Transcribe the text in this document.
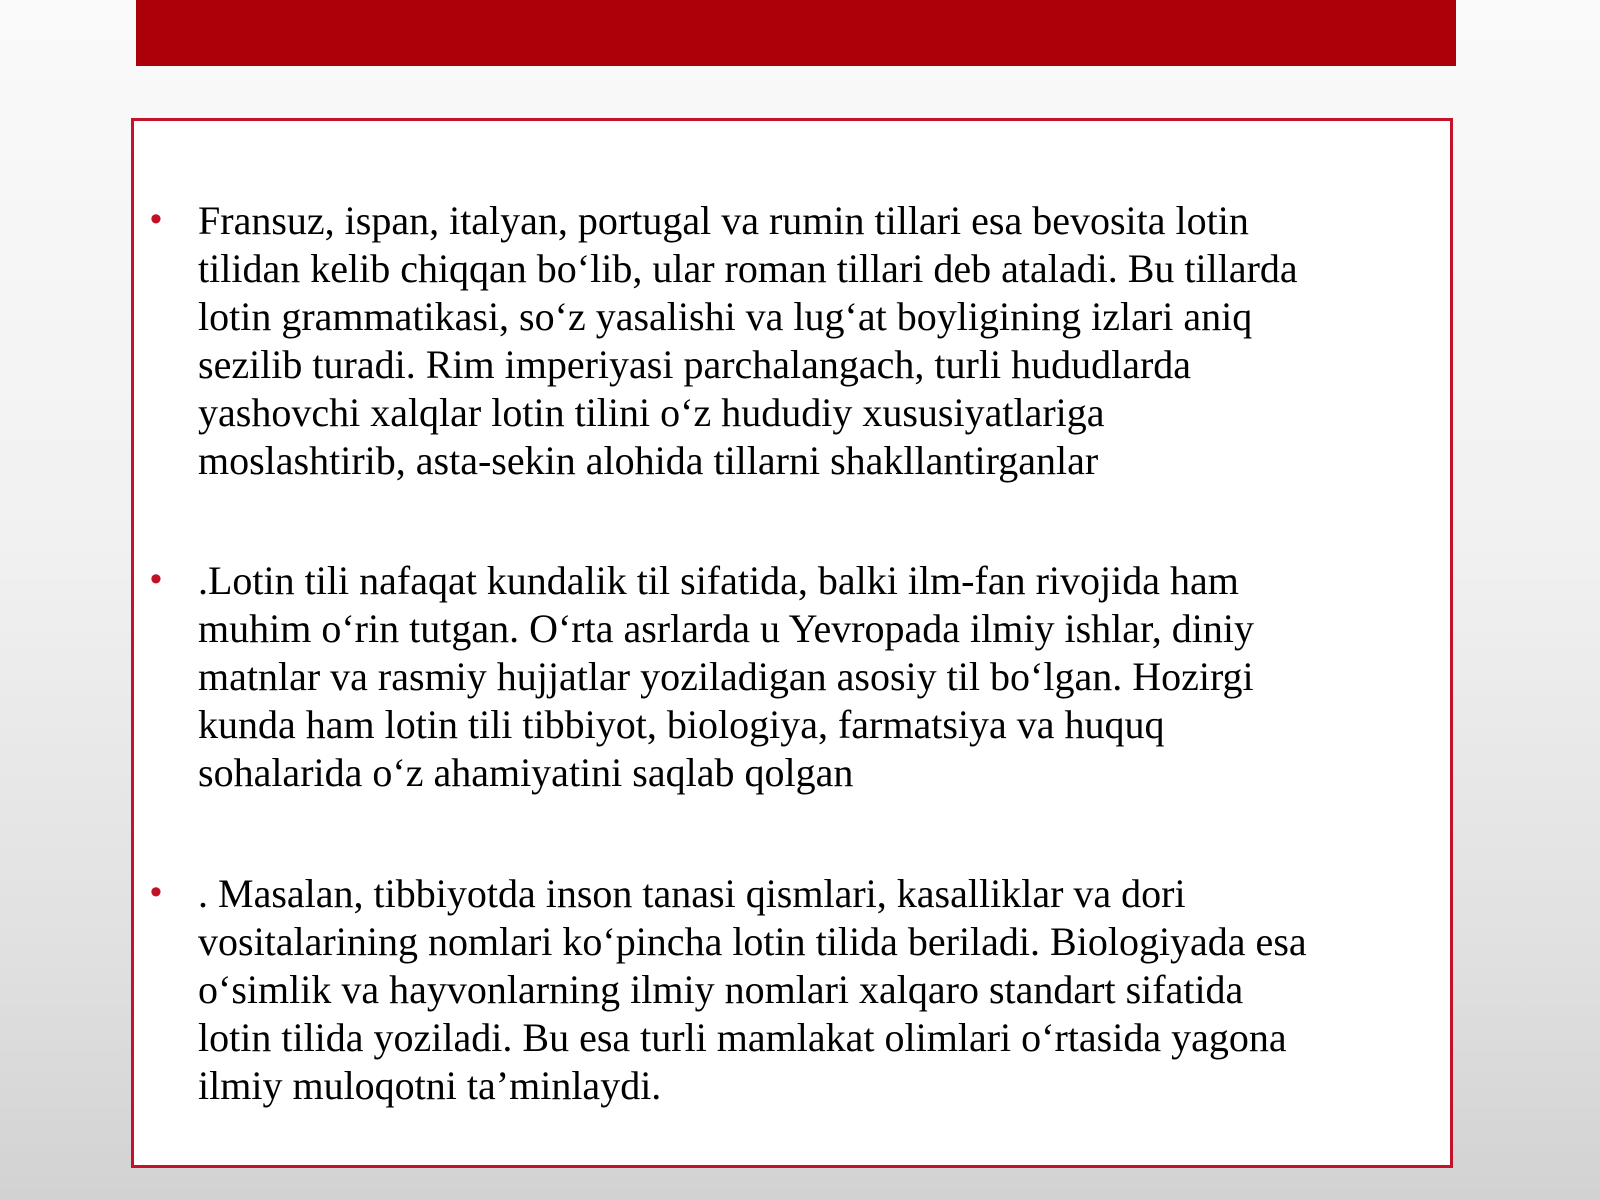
• Fransuz, ispan, italyan, portugal va rumin tillari esa bevosita lotin
tilidan kelib chiqqan bo‘lib, ular roman tillari deb ataladi. Bu tillarda
lotin grammatikasi, so‘z yasalishi va lug‘at boyligining izlari aniq
sezilib turadi. Rim imperiyasi parchalangach, turli hududlarda
yashovchi xalqlar lotin tilini o‘z hududiy xususiyatlariga
moslashtirib, asta-sekin alohida tillarni shakllantirganlar

• .Lotin tili nafaqat kundalik til sifatida, balki ilm-fan rivojida ham
muhim o‘rin tutgan. O‘rta asrlarda u Yevropada ilmiy ishlar, diniy
matnlar va rasmiy hujjatlar yoziladigan asosiy til bo‘lgan. Hozirgi
kunda ham lotin tili tibbiyot, biologiya, farmatsiya va huquq
sohalarida o‘z ahamiyatini saqlab qolgan

• . Masalan, tibbiyotda inson tanasi qismlari, kasalliklar va dori
vositalarining nomlari ko‘pincha lotin tilida beriladi. Biologiyada esa
o‘simlik va hayvonlarning ilmiy nomlari xalqaro standart sifatida
lotin tilida yoziladi. Bu esa turli mamlakat olimlari o‘rtasida yagona
ilmiy muloqotni ta’minlaydi.
